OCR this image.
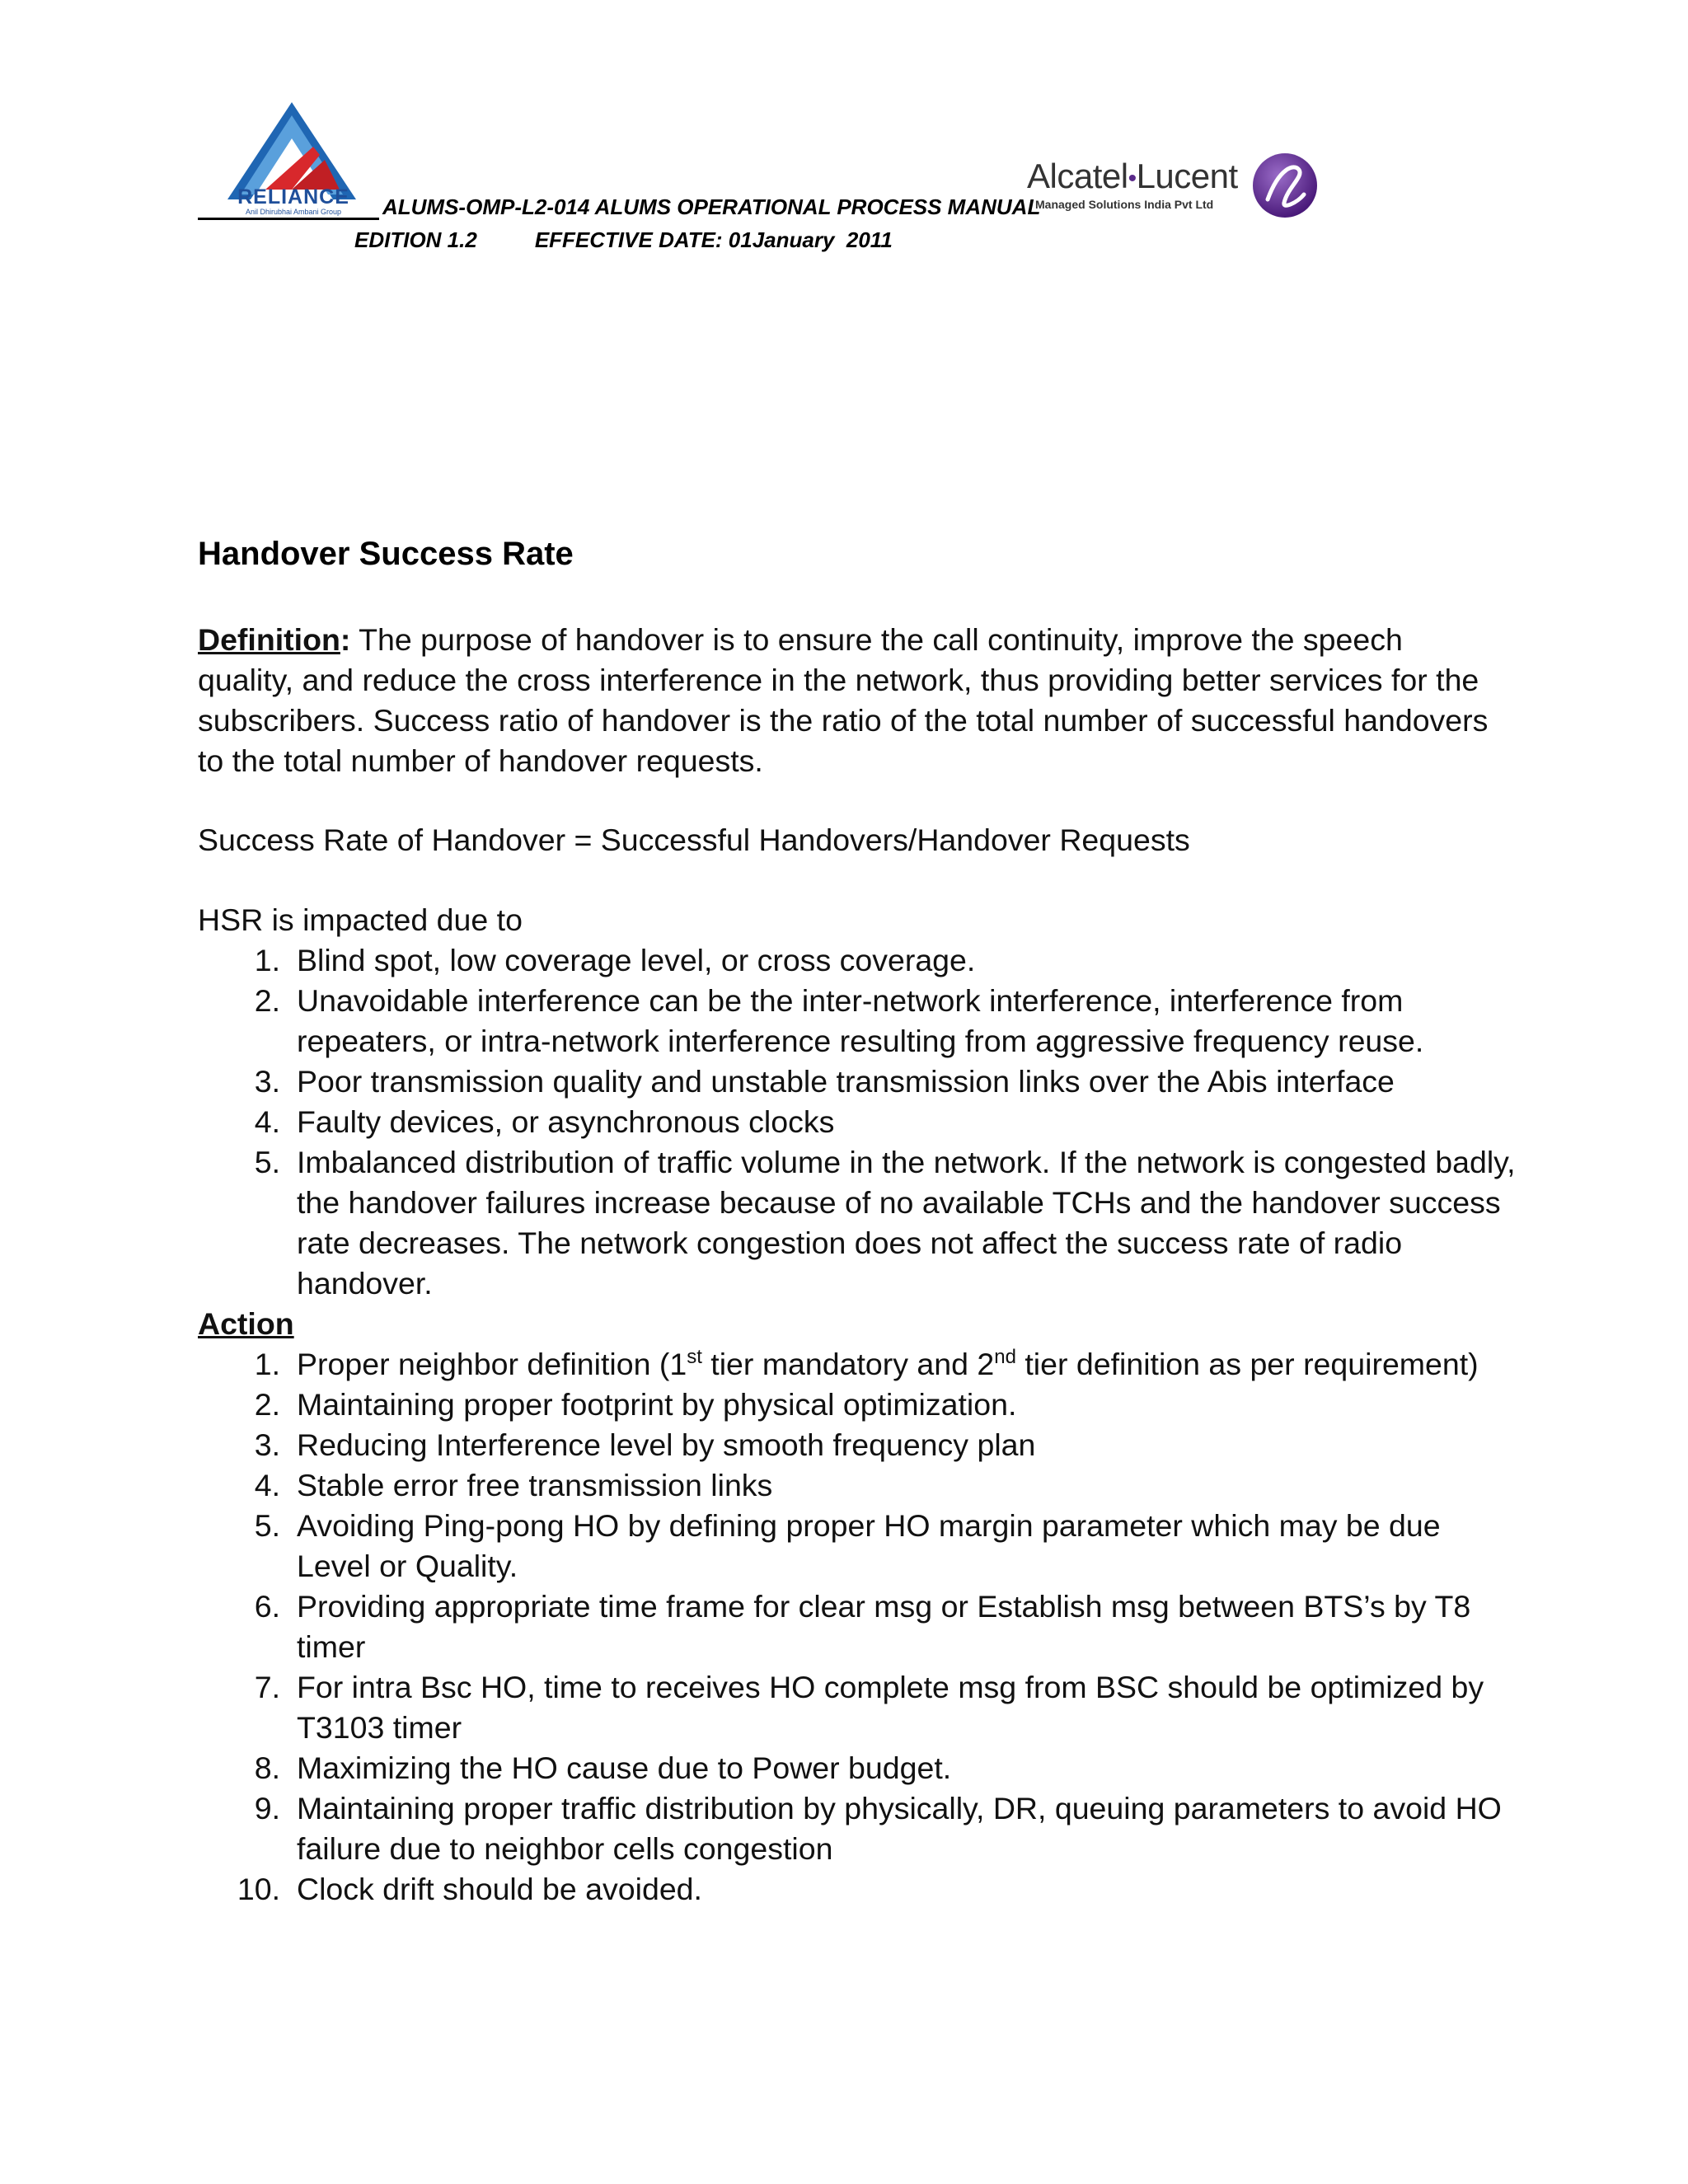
RELIANCE
Anil Dhirubhai Ambani Group	ALUMS-OMP-L2-014 ALUMS OPERATIONAL PROCESS MANUAL
EDITION 1.2	EFFECTIVE DATE: 01January  2011
Alcatel•Lucent
Managed Solutions India Pvt Ltd
Handover Success Rate

Definition: The purpose of handover is to ensure the call continuity, improve the speech quality, and reduce the cross interference in the network, thus providing better services for the subscribers. Success ratio of handover is the ratio of the total number of successful handovers to the total number of handover requests.

Success Rate of Handover = Successful Handovers/Handover Requests

HSR is impacted due to

1. Blind spot, low coverage level, or cross coverage.
2. Unavoidable interference can be the inter-network interference, interference from repeaters, or intra-network interference resulting from aggressive frequency reuse.
3. Poor transmission quality and unstable transmission links over the Abis interface
4. Faulty devices, or asynchronous clocks
5. Imbalanced distribution of traffic volume in the network. If the network is congested badly, the handover failures increase because of no available TCHs and the handover success rate decreases. The network congestion does not affect the success rate of radio handover.
Action
1. Proper neighbor definition (1st tier mandatory and 2nd tier definition as per requirement)
2. Maintaining proper footprint by physical optimization.
3. Reducing Interference level by smooth frequency plan
4. Stable error free transmission links
5. Avoiding Ping-pong HO by defining proper HO margin parameter which may be due Level or Quality.
6. Providing appropriate time frame for clear msg or Establish msg between BTS’s by T8 timer
7. For intra Bsc HO, time to receives HO complete msg from BSC should be optimized by T3103 timer
8. Maximizing the HO cause due to Power budget.
9. Maintaining proper traffic distribution by physically, DR, queuing parameters to avoid HO failure due to neighbor cells congestion
10. Clock drift should be avoided.
